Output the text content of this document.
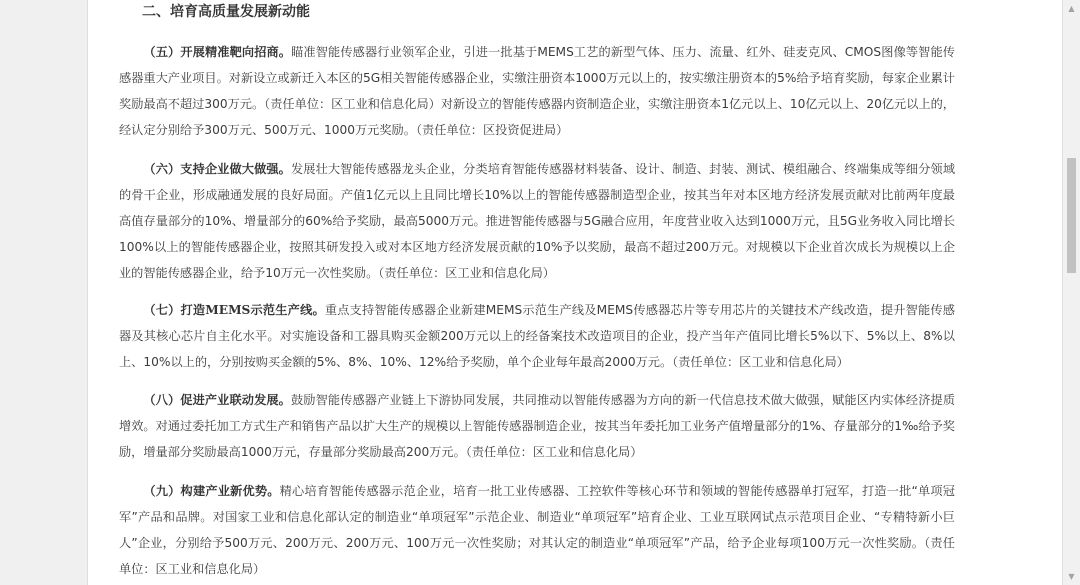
二、培育高质量发展新动能

（五）开展精准靶向招商。瞄准智能传感器行业领军企业，引进一批基于MEMS工艺的新型气体、压力、流量、红外、硅麦克风、CMOS图像等智能传感器重大产业项目。对新设立或新迁入本区的5G相关智能传感器企业，实缴注册资本1000万元以上的，按实缴注册资本的5%给予培育奖励，每家企业累计奖励最高不超过300万元。（责任单位：区工业和信息化局）对新设立的智能传感器内资制造企业，实缴注册资本1亿元以上、10亿元以上、20亿元以上的，经认定分别给予300万元、500万元、1000万元奖励。（责任单位：区投资促进局）

（六）支持企业做大做强。发展壮大智能传感器龙头企业，分类培育智能传感器材料装备、设计、制造、封装、测试、模组融合、终端集成等细分领域的骨干企业，形成融通发展的良好局面。产值1亿元以上且同比增长10%以上的智能传感器制造型企业，按其当年对本区地方经济发展贡献对比前两年度最高值存量部分的10%、增量部分的60%给予奖励，最高5000万元。推进智能传感器与5G融合应用，年度营业收入达到1000万元，且5G业务收入同比增长100%以上的智能传感器企业，按照其研发投入或对本区地方经济发展贡献的10%予以奖励，最高不超过200万元。对规模以下企业首次成长为规模以上企业的智能传感器企业，给予10万元一次性奖励。（责任单位：区工业和信息化局）

（七）打造MEMS示范生产线。重点支持智能传感器企业新建MEMS示范生产线及MEMS传感器芯片等专用芯片的关键技术产线改造，提升智能传感器及其核心芯片自主化水平。对实施设备和工器具购买金额200万元以上的经备案技术改造项目的企业，投产当年产值同比增长5%以下、5%以上、8%以上、10%以上的，分别按购买金额的5%、8%、10%、12%给予奖励，单个企业每年最高2000万元。（责任单位：区工业和信息化局）

（八）促进产业联动发展。鼓励智能传感器产业链上下游协同发展，共同推动以智能传感器为方向的新一代信息技术做大做强，赋能区内实体经济提质增效。对通过委托加工方式生产和销售产品以扩大生产的规模以上智能传感器制造企业，按其当年委托加工业务产值增量部分的1%、存量部分的1‰给予奖励，增量部分奖励最高1000万元，存量部分奖励最高200万元。（责任单位：区工业和信息化局）

（九）构建产业新优势。精心培育智能传感器示范企业，培育一批工业传感器、工控软件等核心环节和领域的智能传感器单打冠军，打造一批“单项冠军”产品和品牌。对国家工业和信息化部认定的制造业“单项冠军”示范企业、制造业“单项冠军”培育企业、工业互联网试点示范项目企业、“专精特新小巨人”企业，分别给予500万元、200万元、200万元、100万元一次性奖励；对其认定的制造业“单项冠军”产品，给予企业每项100万元一次性奖励。（责任单位：区工业和信息化局）

▲
▼
